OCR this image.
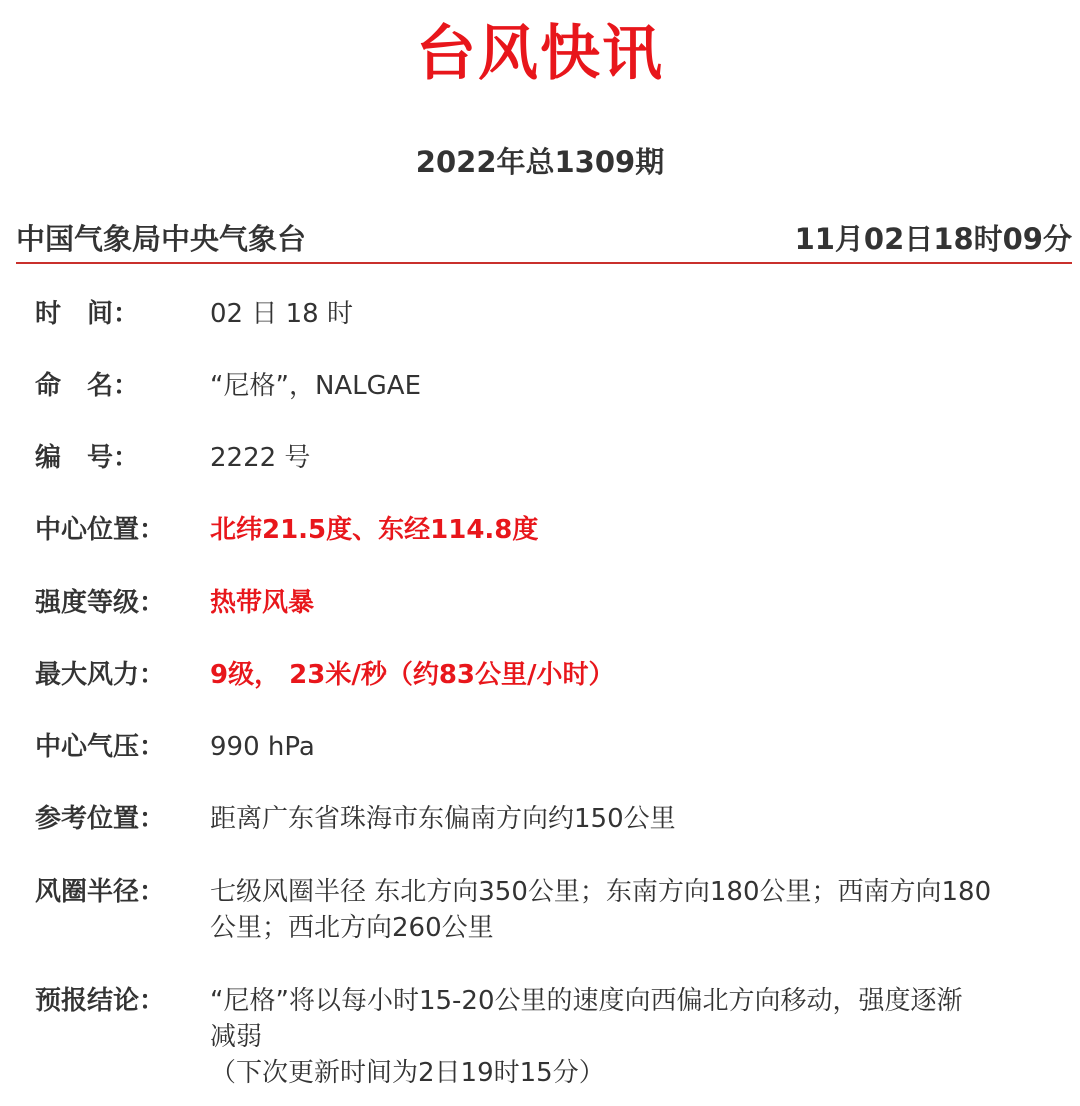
台风快讯
2022年总1309期
中国气象局中央气象台	11月02日18时09分
时　间：	02 日 18 时
命　名：	“尼格”，NALGAE
编　号：	2222 号
中心位置：	北纬21.5度、东经114.8度
强度等级：	热带风暴
最大风力：	9级， 23米/秒（约83公里/小时）
中心气压：	990 hPa
参考位置：	距离广东省珠海市东偏南方向约150公里
风圈半径：	七级风圈半径 东北方向350公里；东南方向180公里；西南方向180
公里；西北方向260公里
预报结论：	“尼格”将以每小时15-20公里的速度向西偏北方向移动，强度逐渐
减弱
（下次更新时间为2日19时15分）
